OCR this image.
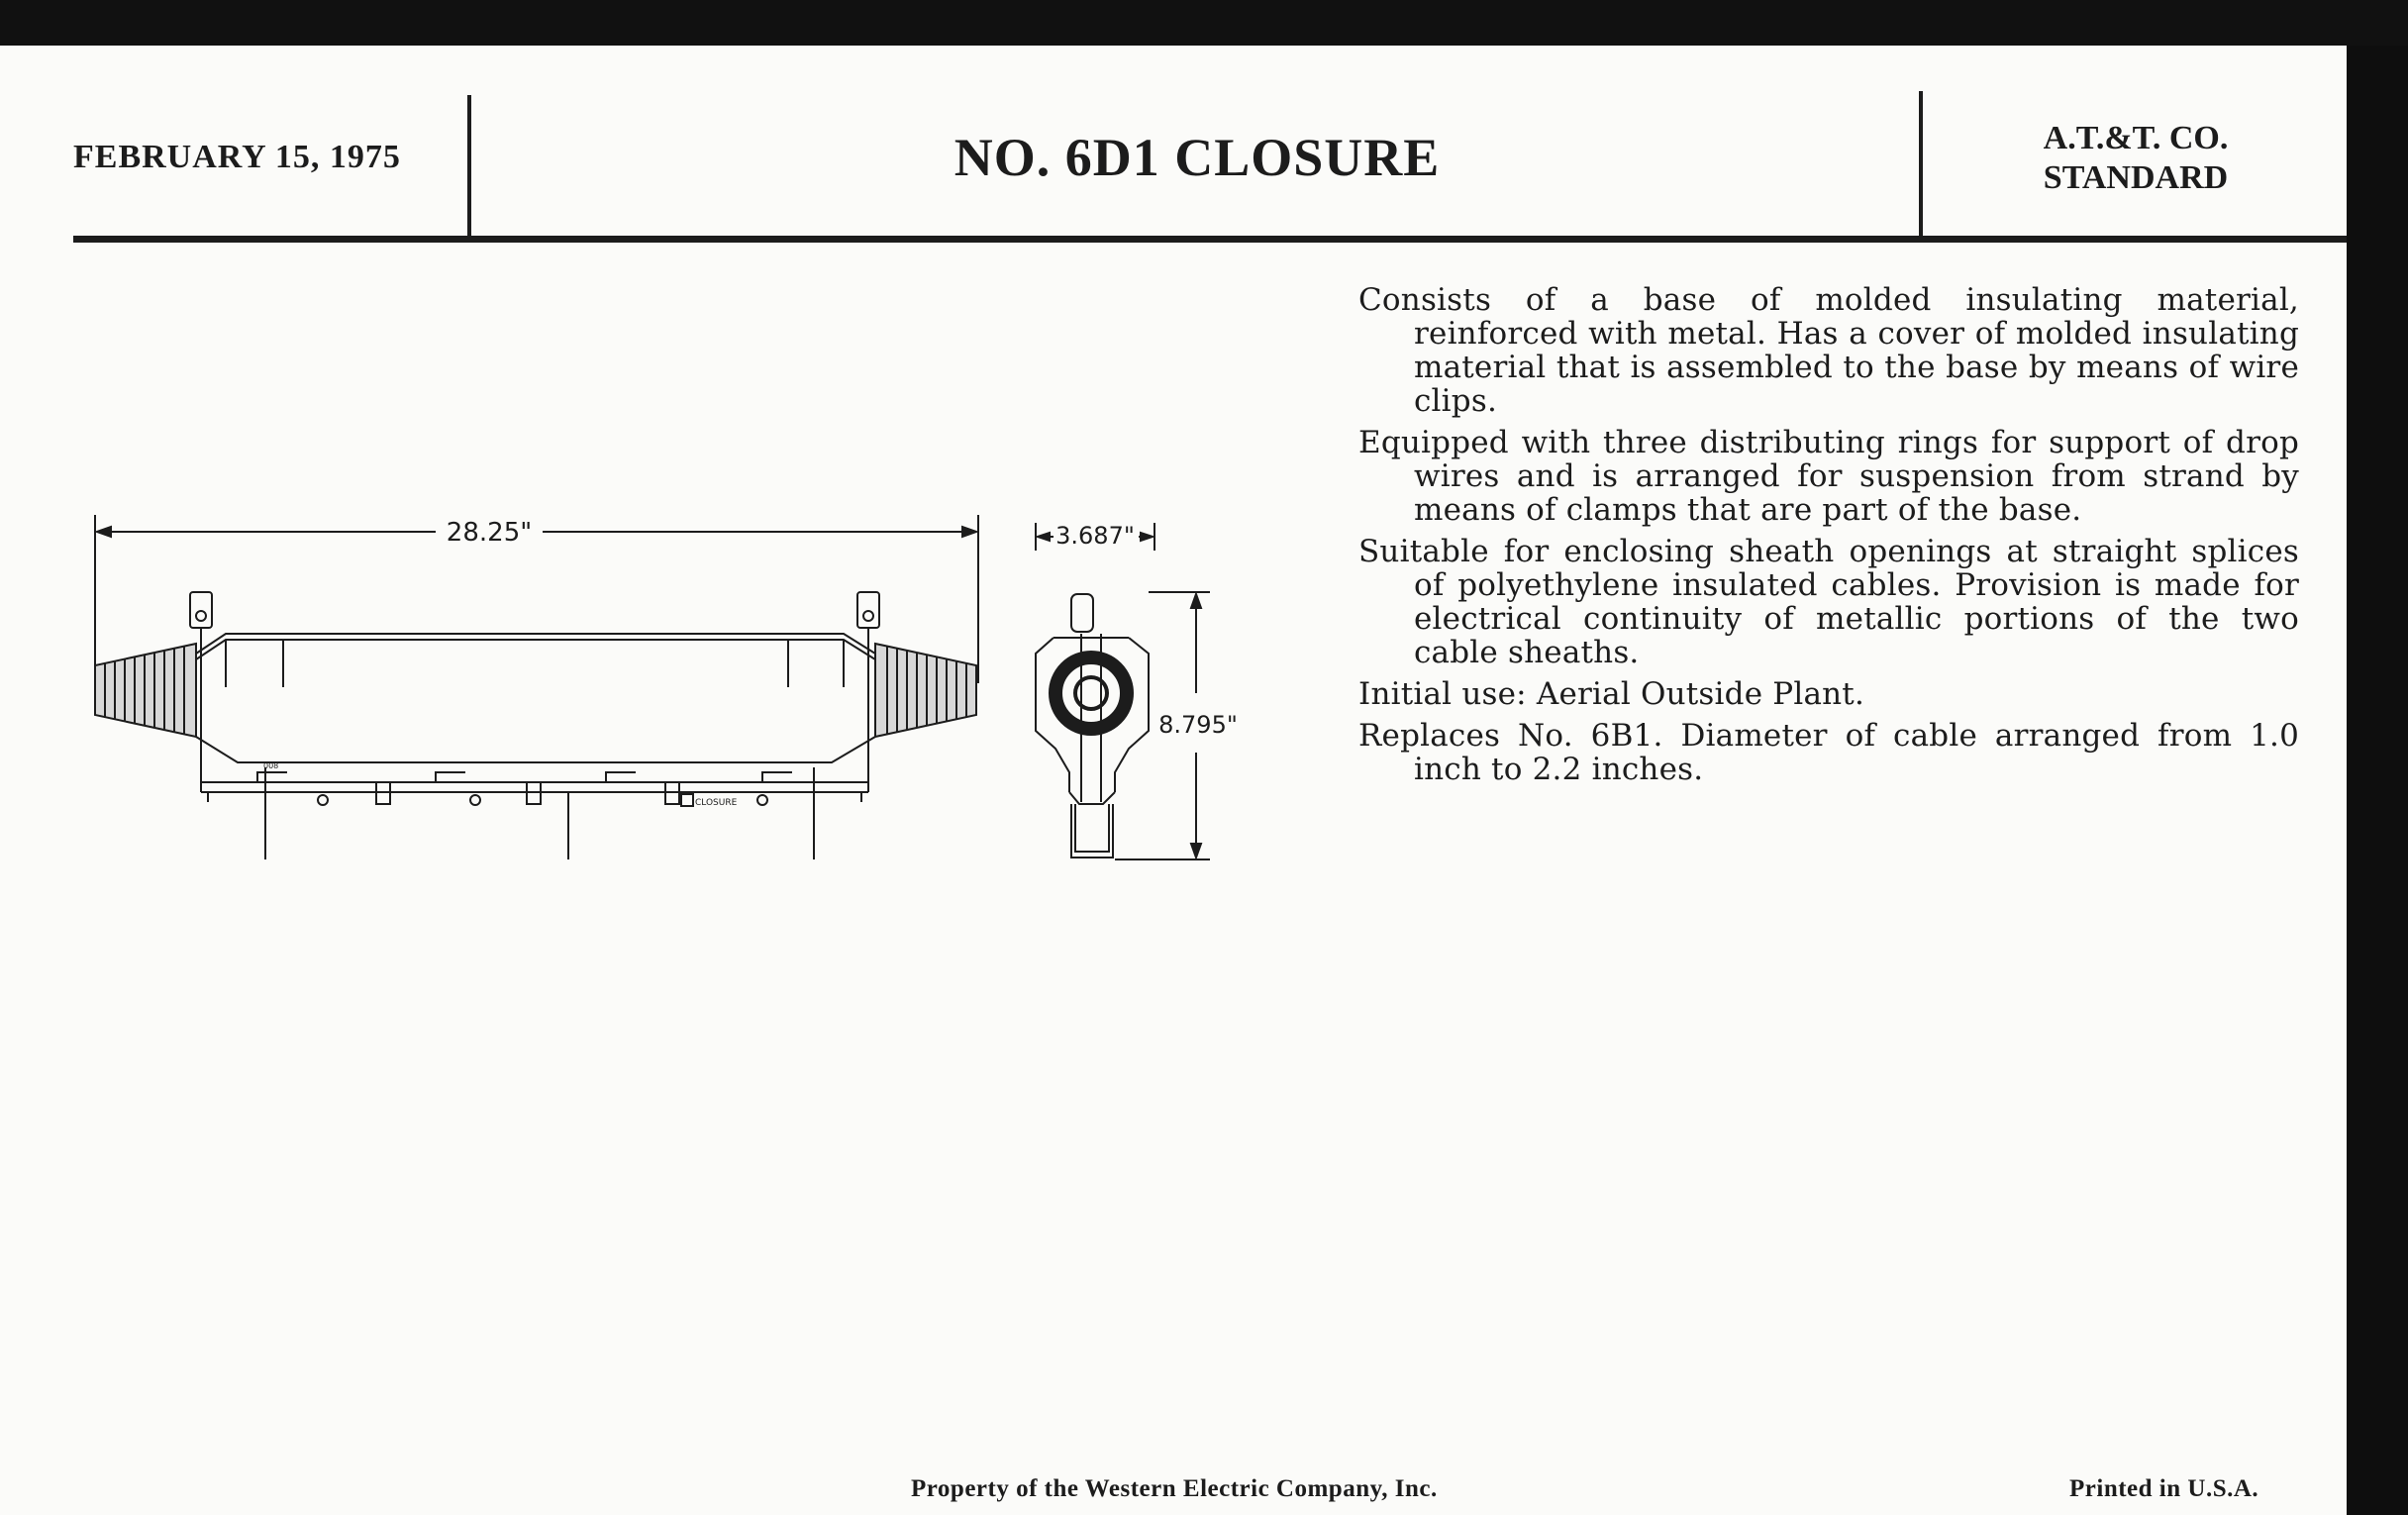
FEBRUARY 15, 1975	NO. 6D1 CLOSURE	A.T.&T. CO.
STANDARD
28.25"	3.687"
8.795"
CLOSURE
008

Consists of a base of molded insulating material, reinforced with metal. Has a cover of molded insulating material that is assembled to the base by means of wire clips.

Equipped with three distributing rings for support of drop wires and is arranged for suspension from strand by means of clamps that are part of the base.

Suitable for enclosing sheath openings at straight splices of polyethylene insulated cables. Provision is made for electrical continuity of metallic portions of the two cable sheaths.

Initial use: Aerial Outside Plant.

Replaces No. 6B1. Diameter of cable arranged from 1.0 inch to 2.2 inches.

Property of the Western Electric Company, Inc.	Printed in U.S.A.
